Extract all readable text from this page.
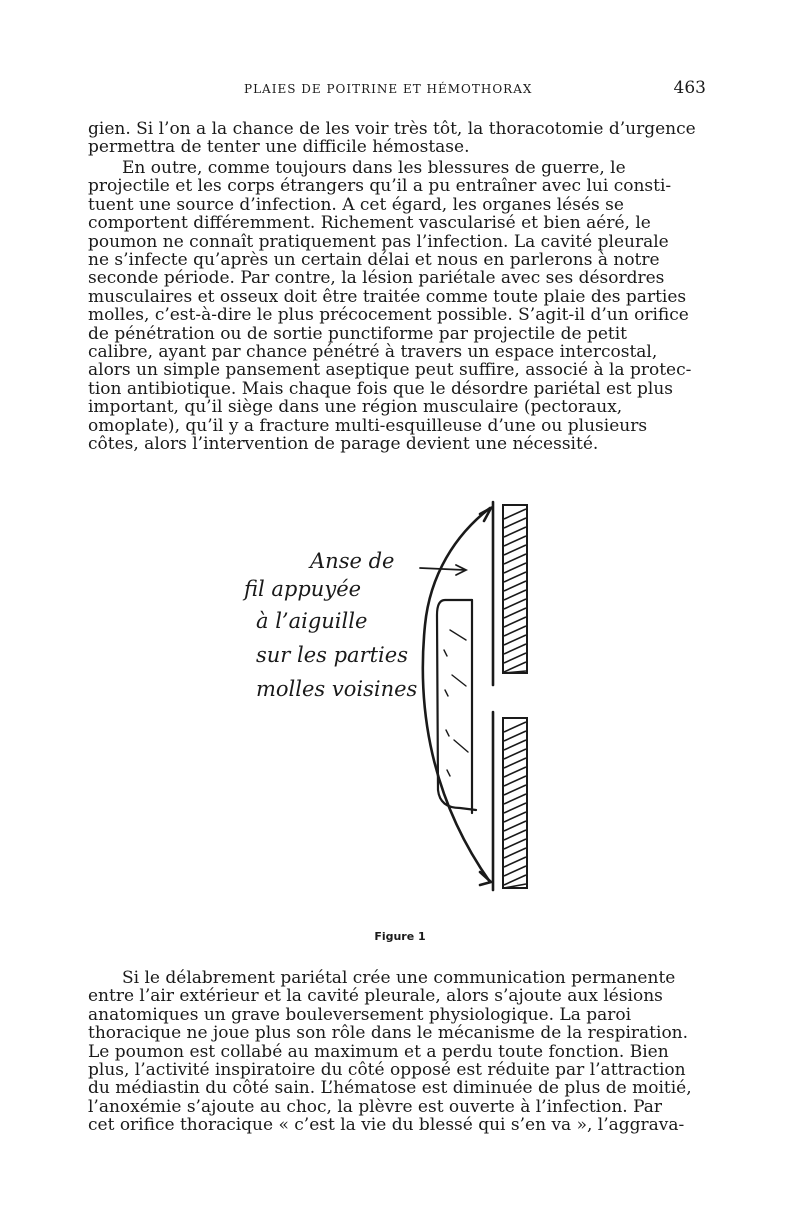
PLAIES DE POITRINE ET HÉMOTHORAX	463
gien. Si l’on a la chance de les voir très tôt, la thoracotomie d’urgence
permettra de tenter une difficile hémostase.
En outre, comme toujours dans les blessures de guerre, le
projectile et les corps étrangers qu’il a pu entraîner avec lui consti-
tuent une source d’infection. A cet égard, les organes lésés se
comportent différemment. Richement vascularisé et bien aéré, le
poumon ne connaît pratiquement pas l’infection. La cavité pleurale
ne s’infecte qu’après un certain délai et nous en parlerons à notre
seconde période. Par contre, la lésion pariétale avec ses désordres
musculaires et osseux doit être traitée comme toute plaie des parties
molles, c’est-à-dire le plus précocement possible. S’agit-il d’un orifice
de pénétration ou de sortie punctiforme par projectile de petit
calibre, ayant par chance pénétré à travers un espace intercostal,
alors un simple pansement aseptique peut suffire, associé à la protec-
tion antibiotique. Mais chaque fois que le désordre pariétal est plus
important, qu’il siège dans une région musculaire (pectoraux,
omoplate), qu’il y a fracture multi-esquilleuse d’une ou plusieurs
côtes, alors l’intervention de parage devient une nécessité.
Anse de
fil appuyée
à l’aiguille
sur les parties
molles voisines
Figure 1
Si le délabrement pariétal crée une communication permanente
entre l’air extérieur et la cavité pleurale, alors s’ajoute aux lésions
anatomiques un grave bouleversement physiologique. La paroi
thoracique ne joue plus son rôle dans le mécanisme de la respiration.
Le poumon est collabé au maximum et a perdu toute fonction. Bien
plus, l’activité inspiratoire du côté opposé est réduite par l’attraction
du médiastin du côté sain. L’hématose est diminuée de plus de moitié,
l’anoxémie s’ajoute au choc, la plèvre est ouverte à l’infection. Par
cet orifice thoracique « c’est la vie du blessé qui s’en va », l’aggrava-
